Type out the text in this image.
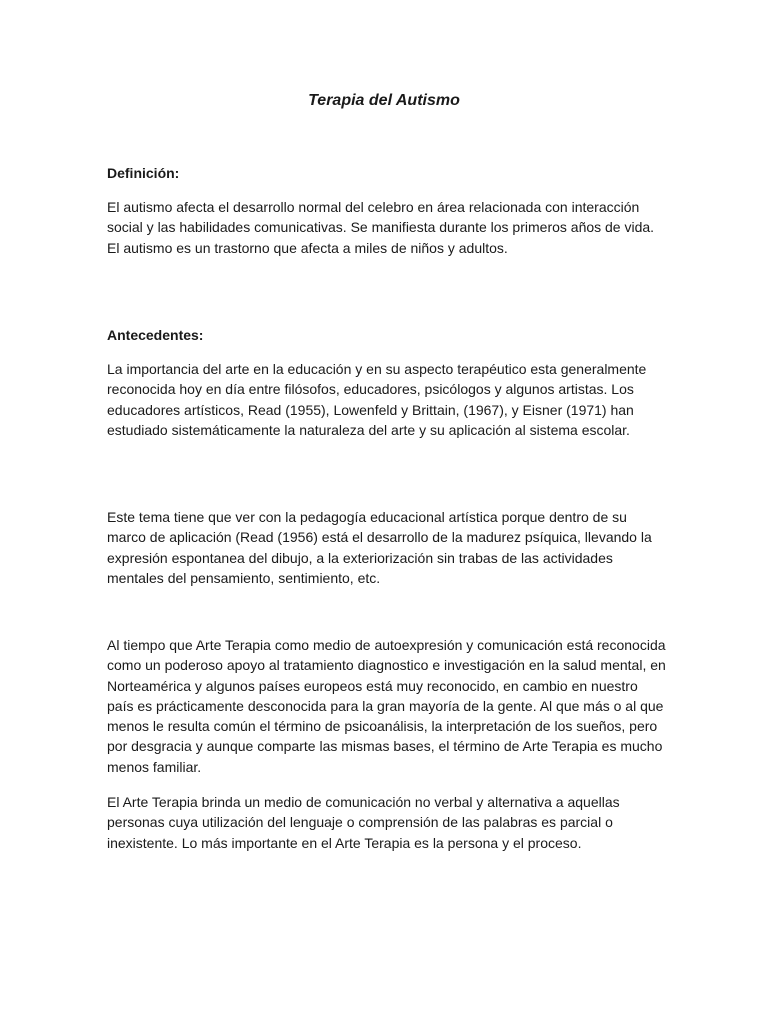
Terapia del Autismo
Definición:

El autismo afecta el desarrollo normal del celebro en área relacionada con interacción social y las habilidades comunicativas. Se manifiesta durante los primeros años de vida. El autismo es un trastorno que afecta a miles de niños y adultos.

Antecedentes:

La importancia del arte en la educación y en su aspecto terapéutico esta generalmente reconocida hoy en día entre filósofos, educadores, psicólogos y algunos artistas. Los educadores artísticos, Read (1955), Lowenfeld y Brittain, (1967), y Eisner (1971) han estudiado sistemáticamente la naturaleza del arte y su aplicación al sistema escolar.

Este tema tiene que ver con la pedagogía educacional artística porque dentro de su marco de aplicación (Read (1956) está el desarrollo de la madurez psíquica, llevando la expresión espontanea del dibujo, a la exteriorización sin trabas de las actividades mentales del pensamiento, sentimiento, etc.

Al tiempo que Arte Terapia como medio de autoexpresión y comunicación está reconocida como un poderoso apoyo al tratamiento diagnostico e investigación en la salud mental, en Norteamérica y algunos países europeos está muy reconocido, en cambio en nuestro país es prácticamente desconocida para la gran mayoría de la gente. Al que más o al que menos le resulta común el término de psicoanálisis, la interpretación de los sueños, pero por desgracia y aunque comparte las mismas bases, el término de Arte Terapia es mucho menos familiar.

El Arte Terapia brinda un medio de comunicación no verbal y alternativa a aquellas personas cuya utilización del lenguaje o comprensión de las palabras es parcial o inexistente. Lo más importante en el Arte Terapia es la persona y el proceso.
